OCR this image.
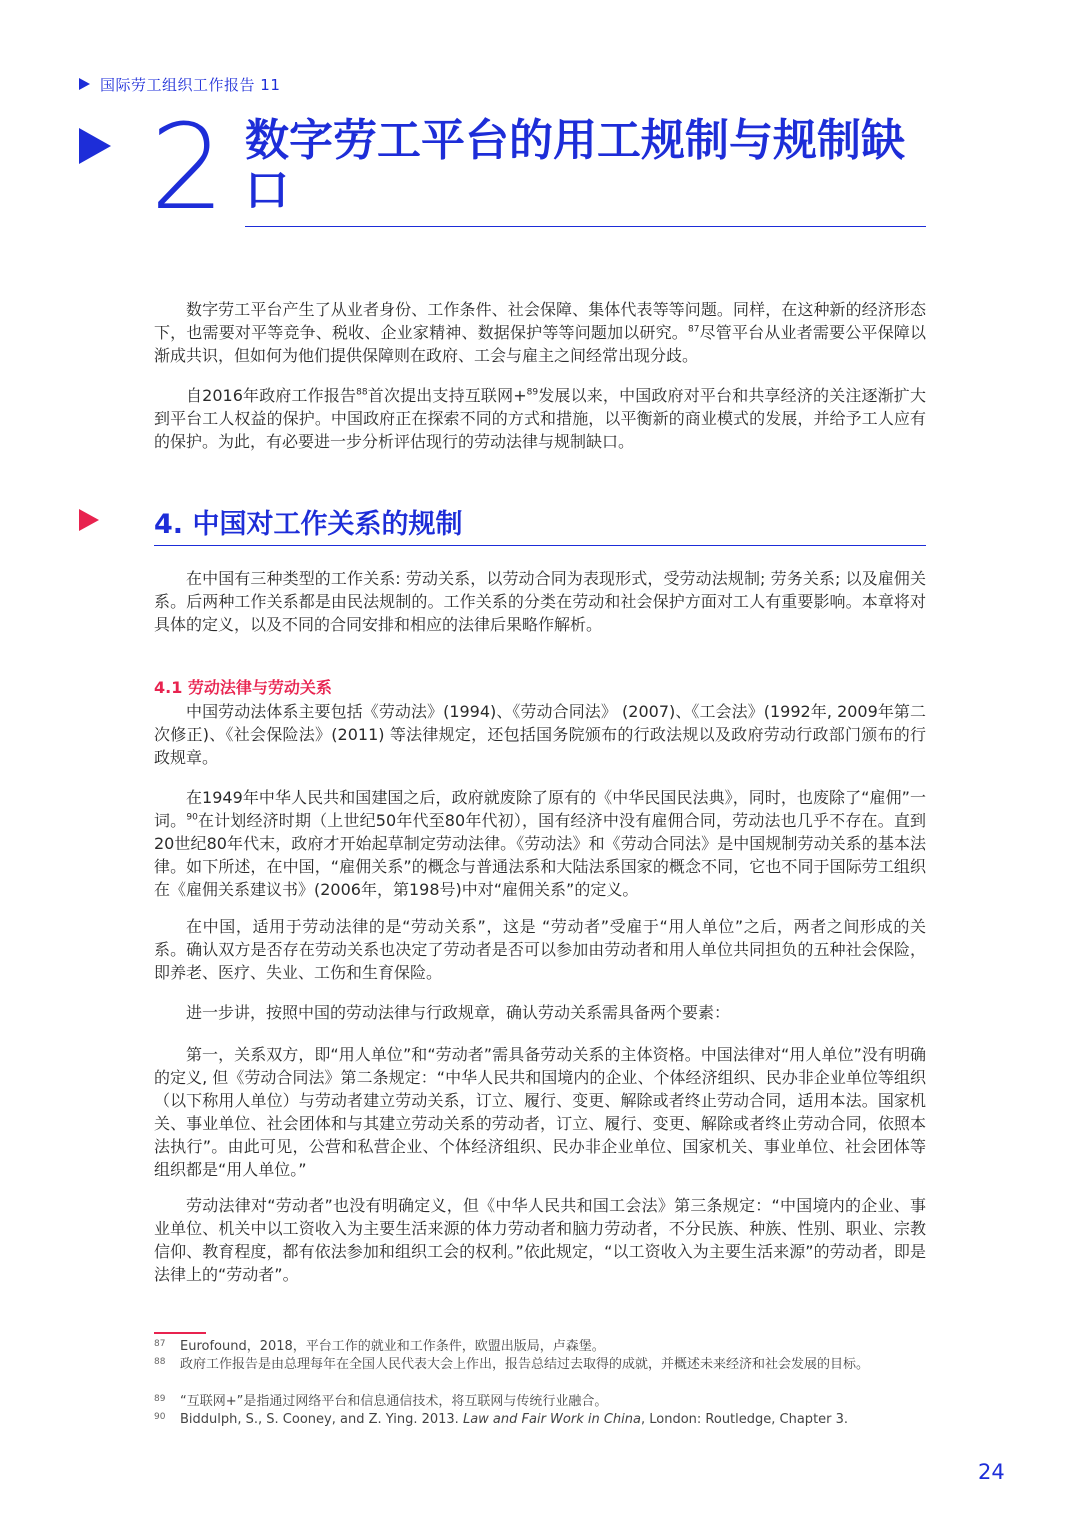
国际劳工组织工作报告 11
2 数字劳工平台的用工规制与规制缺口

数字劳工平台产生了从业者身份、工作条件、社会保障、集体代表等等问题。同样，在这种新的经济形态下，也需要对平等竞争、税收、企业家精神、数据保护等等问题加以研究。$^{87}$尽管平台从业者需要公平保障以渐成共识，但如何为他们提供保障则在政府、工会与雇主之间经常出现分歧。

自2016年政府工作报告$^{88}$首次提出支持互联网+$^{89}$发展以来，中国政府对平台和共享经济的关注逐渐扩大到平台工人权益的保护。中国政府正在探索不同的方式和措施，以平衡新的商业模式的发展，并给予工人应有的保护。为此，有必要进一步分析评估现行的劳动法律与规制缺口。

4. 中国对工作关系的规制

在中国有三种类型的工作关系: 劳动关系，以劳动合同为表现形式，受劳动法规制; 劳务关系; 以及雇佣关系。后两种工作关系都是由民法规制的。工作关系的分类在劳动和社会保护方面对工人有重要影响。本章将对具体的定义，以及不同的合同安排和相应的法律后果略作解析。

4.1 劳动法律与劳动关系

中国劳动法体系主要包括《劳动法》(1994)、《劳动合同法》 (2007)、《工会法》(1992年, 2009年第二次修正)、《社会保险法》(2011) 等法律规定，还包括国务院颁布的行政法规以及政府劳动行政部门颁布的行政规章。

在1949年中华人民共和国建国之后，政府就废除了原有的《中华民国民法典》，同时，也废除了“雇佣”一词。$^{90}$在计划经济时期（上世纪50年代至80年代初），国有经济中没有雇佣合同，劳动法也几乎不存在。直到20世纪80年代末，政府才开始起草制定劳动法律。《劳动法》和《劳动合同法》是中国规制劳动关系的基本法律。如下所述，在中国，“雇佣关系”的概念与普通法系和大陆法系国家的概念不同，它也不同于国际劳工组织在《雇佣关系建议书》(2006年，第198号)中对“雇佣关系”的定义。

在中国，适用于劳动法律的是“劳动关系”，这是 “劳动者”受雇于“用人单位”之后，两者之间形成的关系。确认双方是否存在劳动关系也决定了劳动者是否可以参加由劳动者和用人单位共同担负的五种社会保险，即养老、医疗、失业、工伤和生育保险。

进一步讲，按照中国的劳动法律与行政规章，确认劳动关系需具备两个要素：

第一，关系双方，即“用人单位”和“劳动者”需具备劳动关系的主体资格。中国法律对“用人单位”没有明确的定义, 但《劳动合同法》第二条规定：“中华人民共和国境内的企业、个体经济组织、民办非企业单位等组织（以下称用人单位）与劳动者建立劳动关系，订立、履行、变更、解除或者终止劳动合同，适用本法。国家机关、事业单位、社会团体和与其建立劳动关系的劳动者，订立、履行、变更、解除或者终止劳动合同，依照本法执行”。由此可见，公营和私营企业、个体经济组织、民办非企业单位、国家机关、事业单位、社会团体等组织都是“用人单位。”

劳动法律对“劳动者”也没有明确定义，但《中华人民共和国工会法》第三条规定：“中国境内的企业、事业单位、机关中以工资收入为主要生活来源的体力劳动者和脑力劳动者，不分民族、种族、性别、职业、宗教信仰、教育程度，都有依法参加和组织工会的权利。”依此规定，“以工资收入为主要生活来源”的劳动者，即是法律上的“劳动者”。

87	Eurofound，2018，平台工作的就业和工作条件，欧盟出版局，卢森堡。
88	政府工作报告是由总理每年在全国人民代表大会上作出，报告总结过去取得的成就，并概述未来经济和社会发展的目标。
89	“互联网+”是指通过网络平台和信息通信技术，将互联网与传统行业融合。
90	Biddulph, S., S. Cooney, and Z. Ying. 2013. Law and Fair Work in China, London: Routledge, Chapter 3.
24
